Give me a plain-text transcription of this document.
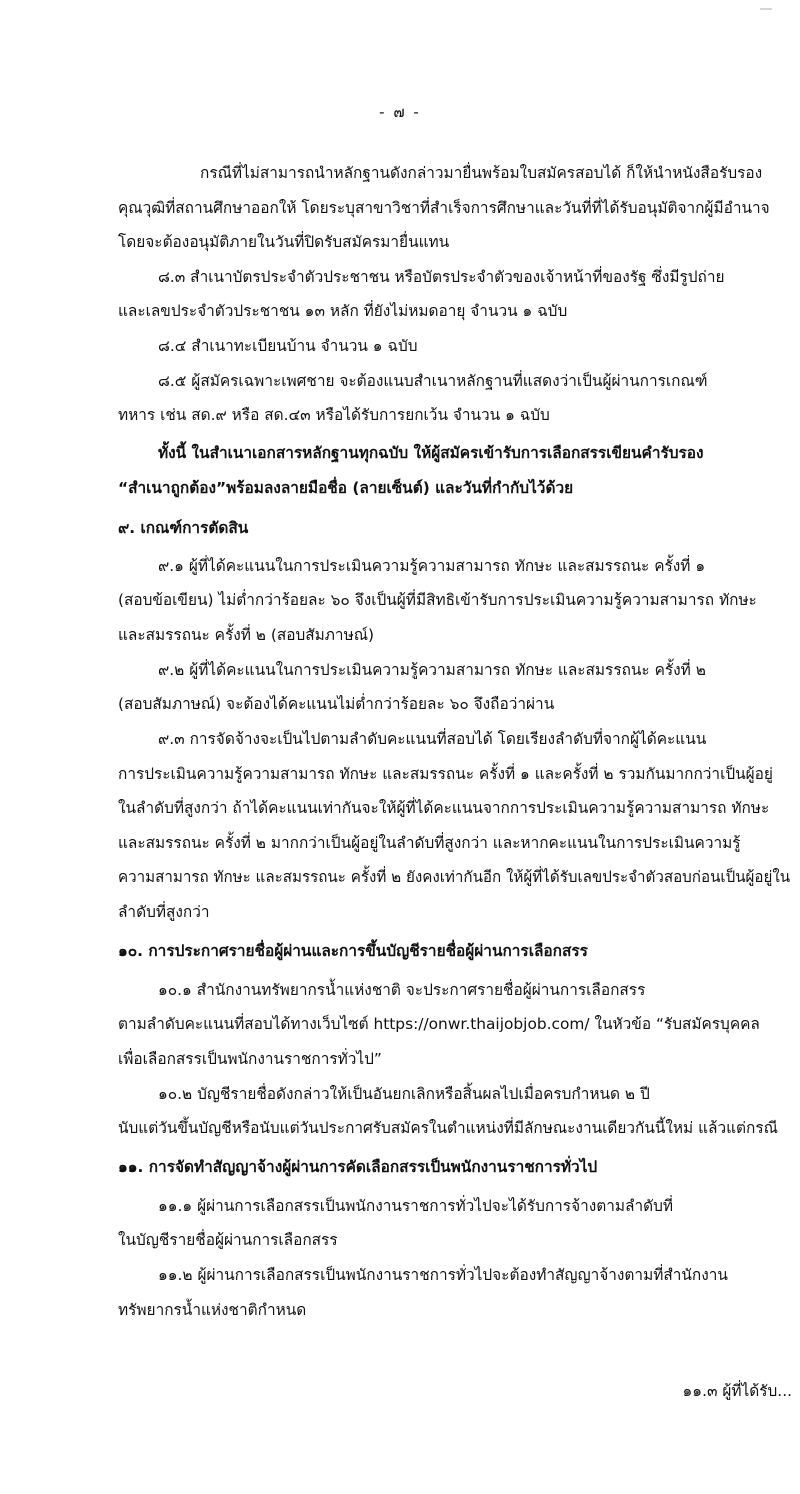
- ๗ -
กรณีที่ไม่สามารถนำหลักฐานดังกล่าวมายื่นพร้อมใบสมัครสอบได้ ก็ให้นำหนังสือรับรอง
คุณวุฒิที่สถานศึกษาออกให้ โดยระบุสาขาวิชาที่สำเร็จการศึกษาและวันที่ที่ได้รับอนุมัติจากผู้มีอำนาจ
โดยจะต้องอนุมัติภายในวันที่ปิดรับสมัครมายื่นแทน
๘.๓ สำเนาบัตรประจำตัวประชาชน หรือบัตรประจำตัวของเจ้าหน้าที่ของรัฐ ซึ่งมีรูปถ่าย
และเลขประจำตัวประชาชน ๑๓ หลัก ที่ยังไม่หมดอายุ จำนวน ๑ ฉบับ
๘.๔ สำเนาทะเบียนบ้าน จำนวน ๑ ฉบับ
๘.๕ ผู้สมัครเฉพาะเพศชาย จะต้องแนบสำเนาหลักฐานที่แสดงว่าเป็นผู้ผ่านการเกณฑ์
ทหาร เช่น สด.๙ หรือ สด.๔๓ หรือได้รับการยกเว้น จำนวน ๑ ฉบับ
ทั้งนี้ ในสำเนาเอกสารหลักฐานทุกฉบับ ให้ผู้สมัครเข้ารับการเลือกสรรเขียนคำรับรอง
“สำเนาถูกต้อง”พร้อมลงลายมือชื่อ (ลายเซ็นต์) และวันที่กำกับไว้ด้วย
๙. เกณฑ์การตัดสิน
๙.๑ ผู้ที่ได้คะแนนในการประเมินความรู้ความสามารถ ทักษะ และสมรรถนะ ครั้งที่ ๑
(สอบข้อเขียน) ไม่ต่ำกว่าร้อยละ ๖๐ จึงเป็นผู้ที่มีสิทธิเข้ารับการประเมินความรู้ความสามารถ ทักษะ
และสมรรถนะ ครั้งที่ ๒ (สอบสัมภาษณ์)
๙.๒ ผู้ที่ได้คะแนนในการประเมินความรู้ความสามารถ ทักษะ และสมรรถนะ ครั้งที่ ๒
(สอบสัมภาษณ์) จะต้องได้คะแนนไม่ต่ำกว่าร้อยละ ๖๐ จึงถือว่าผ่าน
๙.๓ การจัดจ้างจะเป็นไปตามลำดับคะแนนที่สอบได้ โดยเรียงลำดับที่จากผู้ได้คะแนน
การประเมินความรู้ความสามารถ ทักษะ และสมรรถนะ ครั้งที่ ๑ และครั้งที่ ๒ รวมกันมากกว่าเป็นผู้อยู่
ในลำดับที่สูงกว่า ถ้าได้คะแนนเท่ากันจะให้ผู้ที่ได้คะแนนจากการประเมินความรู้ความสามารถ ทักษะ
และสมรรถนะ ครั้งที่ ๒ มากกว่าเป็นผู้อยู่ในลำดับที่สูงกว่า และหากคะแนนในการประเมินความรู้
ความสามารถ ทักษะ และสมรรถนะ ครั้งที่ ๒ ยังคงเท่ากันอีก ให้ผู้ที่ได้รับเลขประจำตัวสอบก่อนเป็นผู้อยู่ใน
ลำดับที่สูงกว่า
๑๐. การประกาศรายชื่อผู้ผ่านและการขึ้นบัญชีรายชื่อผู้ผ่านการเลือกสรร
๑๐.๑ สำนักงานทรัพยากรน้ำแห่งชาติ จะประกาศรายชื่อผู้ผ่านการเลือกสรร
ตามลำดับคะแนนที่สอบได้ทางเว็บไซต์ https://onwr.thaijobjob.com/ ในหัวข้อ “รับสมัครบุคคล
เพื่อเลือกสรรเป็นพนักงานราชการทั่วไป”
๑๐.๒ บัญชีรายชื่อดังกล่าวให้เป็นอันยกเลิกหรือสิ้นผลไปเมื่อครบกำหนด ๒ ปี
นับแต่วันขึ้นบัญชีหรือนับแต่วันประกาศรับสมัครในตำแหน่งที่มีลักษณะงานเดียวกันนี้ใหม่ แล้วแต่กรณี
๑๑. การจัดทำสัญญาจ้างผู้ผ่านการคัดเลือกสรรเป็นพนักงานราชการทั่วไป
๑๑.๑ ผู้ผ่านการเลือกสรรเป็นพนักงานราชการทั่วไปจะได้รับการจ้างตามลำดับที่
ในบัญชีรายชื่อผู้ผ่านการเลือกสรร
๑๑.๒ ผู้ผ่านการเลือกสรรเป็นพนักงานราชการทั่วไปจะต้องทำสัญญาจ้างตามที่สำนักงาน
ทรัพยากรน้ำแห่งชาติกำหนด
๑๑.๓ ผู้ที่ได้รับ...
